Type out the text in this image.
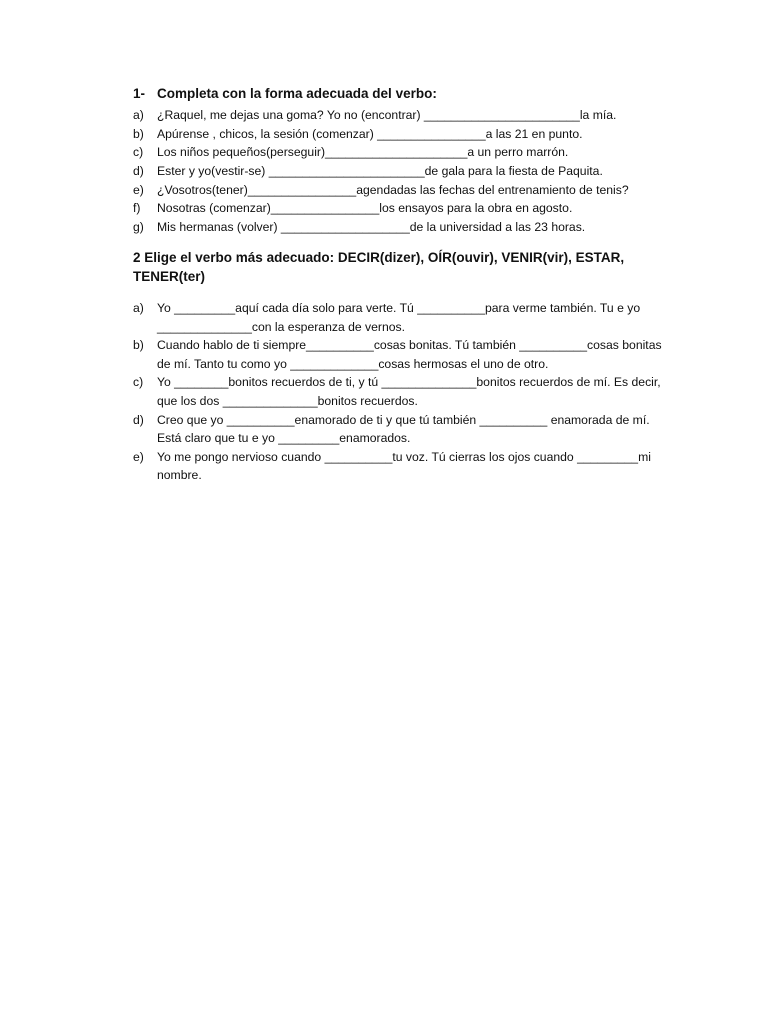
1- Completa con la forma adecuada del verbo:
a) ¿Raquel, me dejas una goma? Yo no (encontrar) _______________________la mía.
b) Apúrense , chicos, la sesión (comenzar) ________________a las 21 en punto.
c) Los niños pequeños(perseguir)_____________________a un perro marrón.
d) Ester y yo(vestir-se) _______________________de gala para la fiesta de Paquita.
e) ¿Vosotros(tener)________________agendadas las fechas del entrenamiento de tenis?
f) Nosotras (comenzar)________________los ensayos para la obra en agosto.
g) Mis hermanas (volver) ___________________de la universidad a las 23 horas.
2 Elige el verbo más adecuado: DECIR(dizer), OÍR(ouvir), VENIR(vir), ESTAR, TENER(ter)
a)	Yo _________aquí cada día solo para verte. Tú __________para verme también. Tu e yo ______________con la esperanza de vernos.
b)	Cuando hablo de ti siempre__________cosas bonitas. Tú también __________cosas bonitas de mí. Tanto tu como yo _____________cosas hermosas el uno de otro.
c)	Yo ________bonitos recuerdos de ti, y tú ______________bonitos recuerdos de mí. Es decir, que los dos ______________bonitos recuerdos.
d)	Creo que yo __________enamorado de ti y que tú también __________ enamorada de mí. Está claro que tu e yo _________enamorados.
e)	Yo me pongo nervioso cuando __________tu voz. Tú cierras los ojos cuando _________mi nombre.
